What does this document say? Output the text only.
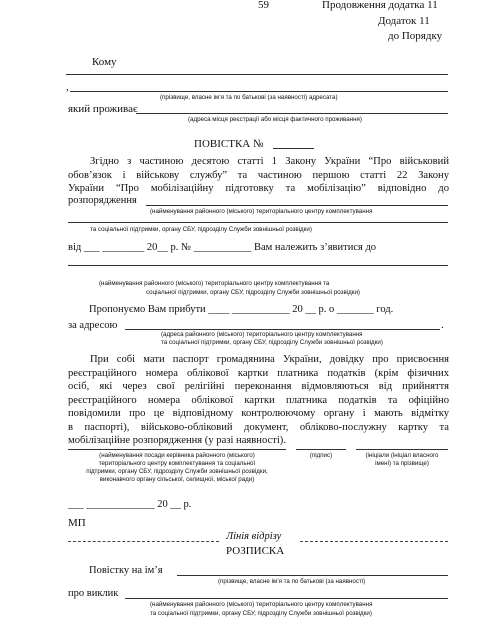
59	Продовження додатка 11
Додаток 11
до Порядку
Кому
,
(прізвище, власне ім’я та по батькові (за наявності) адресата)
який проживає
(адреса місця реєстрації або місця фактичного проживання)
ПОВІСТКА №
Згідно з частиною десятою статті 1 Закону України “Про військовий
обов’язок і військову службу” та частиною першою статті 22 Закону
України “Про мобілізаційну підготовку та мобілізацію” відповідно до
розпорядження
(найменування районного (міського) територіального центру комплектування
та соціальної підтримки, органу СБУ, підрозділу Служби зовнішньої розвідки)
від ___ ________ 20__ р. № ___________ Вам належить з’явитися до
.
(найменування районного (міського) територіального центру комплектування та
соціальної підтримки, органу СБУ, підрозділу Служби зовнішньої розвідки)
Пропонуємо Вам прибути ____ ___________ 20 __ р. о _______ год.
за адресою	.
(адреса районного (міського) територіального центру комплектування
та соціальної підтримки, органу СБУ, підрозділу Служби зовнішньої розвідки)
При собі мати паспорт громадянина України, довідку про присвоєння
реєстраційного номера облікової картки платника податків (крім фізичних
осіб, які через свої релігійні переконання відмовляються від прийняття
реєстраційного номера облікової картки платника податків та офіційно
повідомили про це відповідному контролюючому органу і мають відмітку
в паспорті), військово-обліковий документ, обліково-послужну картку та
мобілізаційне розпорядження (у разі наявності).
(найменування посади керівника районного (міського)
територіального центру комплектування та соціальної
підтримки, органу СБУ, підрозділу Служби зовнішньої розвідки,
виконавчого органу сільської, селищної, міської ради)
(підпис)	(ініціали (ініціал власного
імені) та прізвище)
___ _____________ 20 __ р.
МП
Лінія відрізу
РОЗПИСКА
Повістку на ім’я
(прізвище, власне ім’я та по батькові (за наявності)
про виклик
(найменування районного (міського) територіального центру комплектування
та соціальної підтримки, органу СБУ, підрозділу Служби зовнішньої розвідки)
